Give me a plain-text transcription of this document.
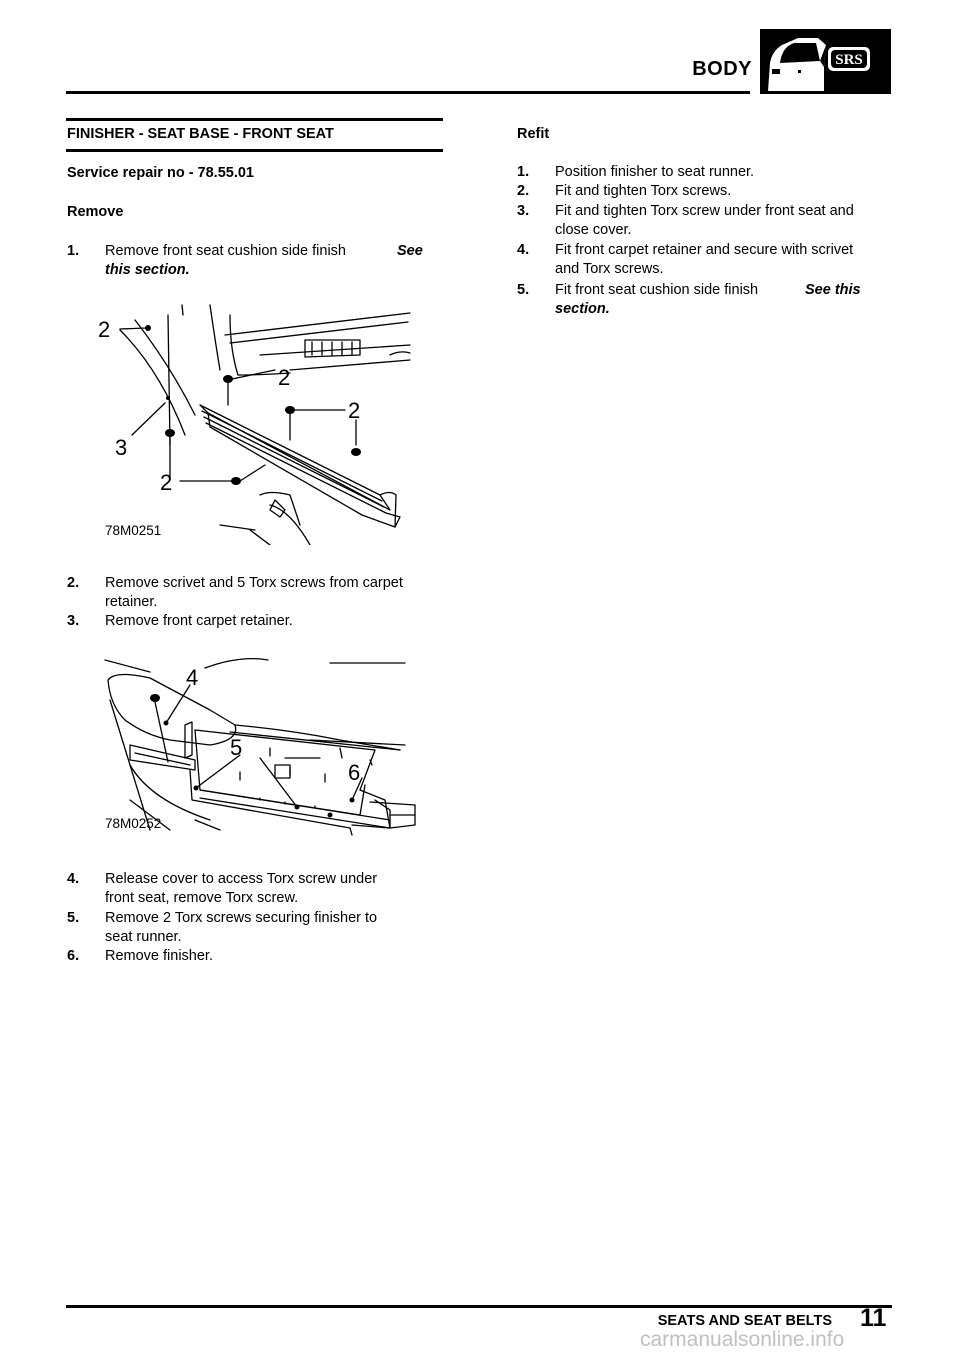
BODY	SRS
FINISHER - SEAT BASE - FRONT SEAT
Service repair no - 78.55.01
Remove
1.	Remove front seat cushion side finish	See
this section.
2
2
2
3
2
78M0251
2.	Remove scrivet and 5 Torx screws from carpet
retainer.
3.	Remove front carpet retainer.
4
5
6
78M0252
4.	Release cover to access Torx screw under
front seat, remove Torx screw.
5.	Remove 2 Torx screws securing finisher to
seat runner.
6.	Remove finisher.
Refit
1.	Position finisher to seat runner.
2.	Fit and tighten Torx screws.
3.	Fit and tighten Torx screw under front seat and
close cover.
4.	Fit front carpet retainer and secure with scrivet
and Torx screws.
5.	Fit front seat cushion side finish	See this
section.
SEATS AND SEAT BELTS 11
carmanualsonline.info
